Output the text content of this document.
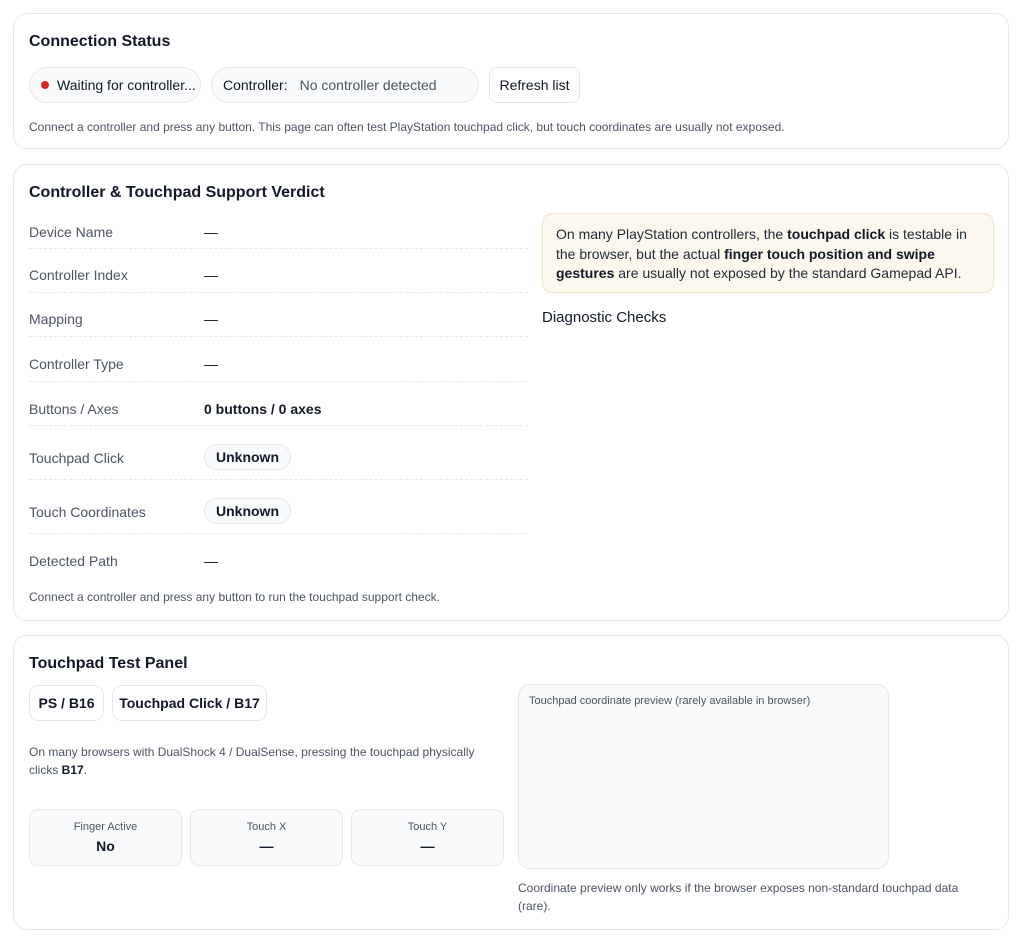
Connection Status
Waiting for controller... Controller: No controller detected	Refresh list

Connect a controller and press any button. This page can often test PlayStation touchpad click, but touch coordinates are usually not exposed.

Controller & Touchpad Support Verdict
Device Name	—
Controller Index	—
Mapping	—
Controller Type	—
Buttons / Axes	0 buttons / 0 axes
Touchpad Click	Unknown
Touch Coordinates	Unknown
Detected Path	—

Connect a controller and press any button to run the touchpad support check.

On many PlayStation controllers, the touchpad click is testable in the browser, but the actual finger touch position and swipe gestures are usually not exposed by the standard Gamepad API.
Diagnostic Checks
Touchpad Test Panel
PS / B16	Touchpad Click / B17

On many browsers with DualShock 4 / DualSense, pressing the touchpad physically clicks B17.

Finger Active
No
Touch X
—
Touch Y
—
Touchpad coordinate preview (rarely available in browser)

Coordinate preview only works if the browser exposes non-standard touchpad data (rare).
